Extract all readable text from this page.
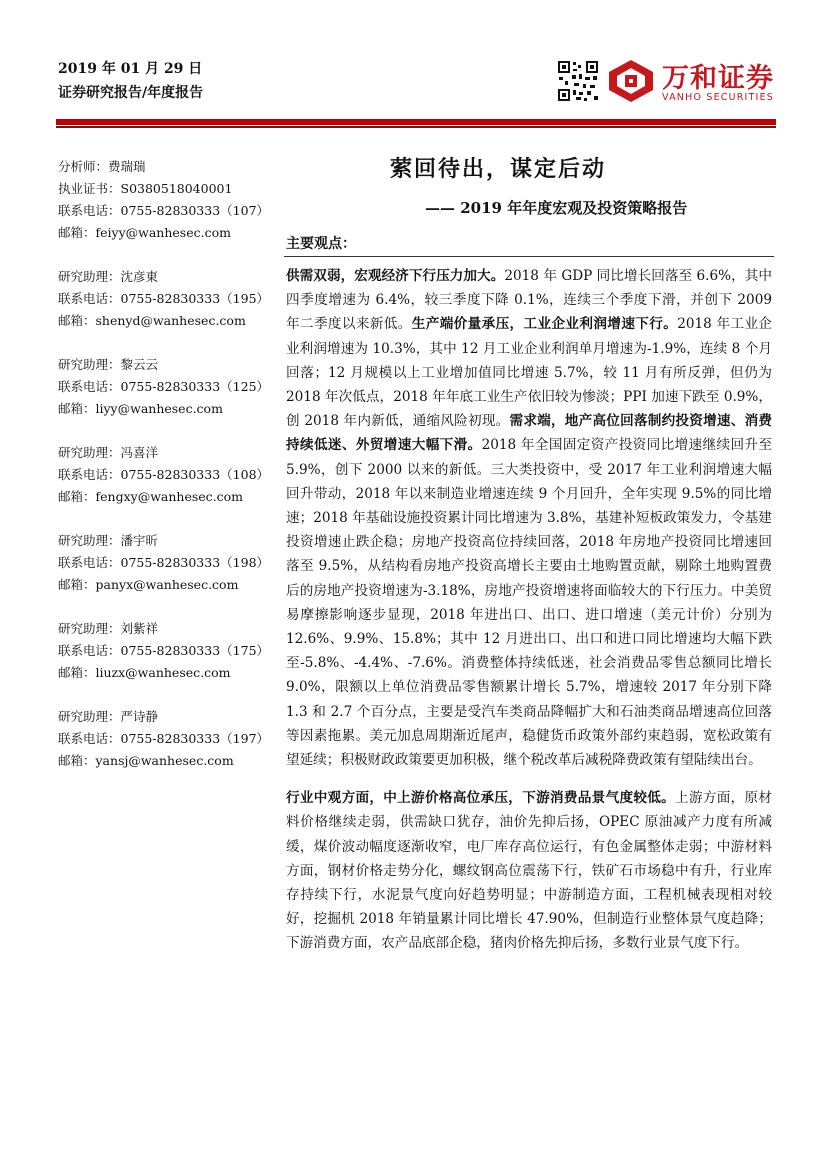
2019 年 01 月 29 日
证券研究报告/年度报告	万和证券
VANHO SECURITIES
萦回待出，谋定后动
—— 2019 年年度宏观及投资策略报告
分析师：费瑞瑞
执业证书：S0380518040001
联系电话：0755-82830333（107）
邮箱：feiyy@wanhesec.com
研究助理：沈彦東
联系电话：0755-82830333（195）
邮箱：shenyd@wanhesec.com
研究助理：黎云云
联系电话：0755-82830333（125）
邮箱：liyy@wanhesec.com
研究助理：冯喜洋
联系电话：0755-82830333（108）
邮箱：fengxy@wanhesec.com
研究助理：潘宇昕
联系电话：0755-82830333（198）
邮箱：panyx@wanhesec.com
研究助理：刘紫祥
联系电话：0755-82830333（175）
邮箱：liuzx@wanhesec.com
研究助理：严诗静
联系电话：0755-82830333（197）
邮箱：yansj@wanhesec.com
主要观点：

供需双弱，宏观经济下行压力加大。2018 年 GDP 同比增长回落至 6.6%，其中四季度增速为 6.4%，较三季度下降 0.1%，连续三个季度下滑，并创下 2009 年二季度以来新低。生产端价量承压，工业企业利润增速下行。2018 年工业企业利润增速为 10.3%，其中 12 月工业企业利润单月增速为-1.9%，连续 8 个月回落；12 月规模以上工业增加值同比增速 5.7%，较 11 月有所反弹，但仍为 2018 年次低点，2018 年年底工业生产依旧较为惨淡；PPI 加速下跌至 0.9%，创 2018 年内新低，通缩风险初现。需求端，地产高位回落制约投资增速、消费持续低迷、外贸增速大幅下滑。2018 年全国固定资产投资同比增速继续回升至 5.9%，创下 2000 以来的新低。三大类投资中，受 2017 年工业利润增速大幅回升带动，2018 年以来制造业增速连续 9 个月回升，全年实现 9.5%的同比增速；2018 年基础设施投资累计同比增速为 3.8%，基建补短板政策发力，令基建投资增速止跌企稳；房地产投资高位持续回落，2018 年房地产投资同比增速回落至 9.5%，从结构看房地产投资高增长主要由土地购置贡献，剔除土地购置费后的房地产投资增速为-3.18%，房地产投资增速将面临较大的下行压力。中美贸易摩擦影响逐步显现，2018 年进出口、出口、进口增速（美元计价）分别为 12.6%、9.9%、15.8%；其中 12 月进出口、出口和进口同比增速均大幅下跌至-5.8%、-4.4%、-7.6%。消费整体持续低迷，社会消费品零售总额同比增长 9.0%，限额以上单位消费品零售额累计增长 5.7%，增速较 2017 年分别下降 1.3 和 2.7 个百分点，主要是受汽车类商品降幅扩大和石油类商品增速高位回落等因素拖累。美元加息周期渐近尾声，稳健货币政策外部约束趋弱，宽松政策有望延续；积极财政政策要更加积极，继个税改革后减税降费政策有望陆续出台。

行业中观方面，中上游价格高位承压，下游消费品景气度较低。上游方面，原材料价格继续走弱，供需缺口犹存，油价先抑后扬，OPEC 原油减产力度有所减缓，煤价波动幅度逐渐收窄，电厂库存高位运行，有色金属整体走弱；中游材料方面，钢材价格走势分化，螺纹钢高位震荡下行，铁矿石市场稳中有升，行业库存持续下行，水泥景气度向好趋势明显；中游制造方面，工程机械表现相对较好，挖掘机 2018 年销量累计同比增长 47.90%，但制造行业整体景气度趋降；下游消费方面，农产品底部企稳，猪肉价格先抑后扬，多数行业景气度下行。
